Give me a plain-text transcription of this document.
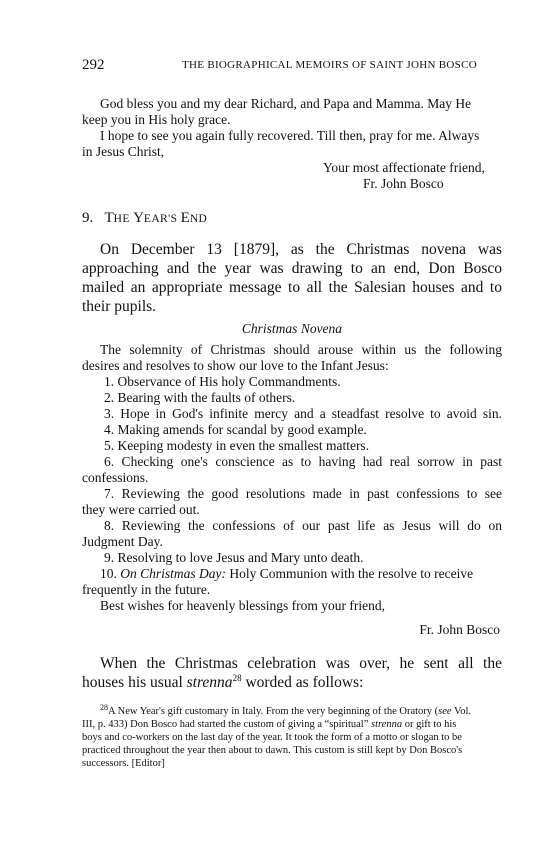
292	THE BIOGRAPHICAL MEMOIRS OF SAINT JOHN BOSCO
God bless you and my dear Richard, and Papa and Mamma. May He
keep you in His holy grace.
I hope to see you again fully recovered. Till then, pray for me. Always
in Jesus Christ,
Your most affectionate friend,
Fr. John Bosco
9. THE YEAR'S END
On December 13 [1879], as the Christmas novena was
approaching and the year was drawing to an end, Don Bosco
mailed an appropriate message to all the Salesian houses and to
their pupils.
Christmas Novena
The solemnity of Christmas should arouse within us the following
desires and resolves to show our love to the Infant Jesus:
1. Observance of His holy Commandments.
2. Bearing with the faults of others.
3. Hope in God's infinite mercy and a steadfast resolve to avoid sin.
4. Making amends for scandal by good example.
5. Keeping modesty in even the smallest matters.
6. Checking one's conscience as to having had real sorrow in past
confessions.
7. Reviewing the good resolutions made in past confessions to see
they were carried out.
8. Reviewing the confessions of our past life as Jesus will do on
Judgment Day.
9. Resolving to love Jesus and Mary unto death.
10. On Christmas Day: Holy Communion with the resolve to receive
frequently in the future.
Best wishes for heavenly blessings from your friend,
Fr. John Bosco
When the Christmas celebration was over, he sent all the
houses his usual strenna$^{28}$ worded as follows:
$^{28}$A New Year's gift customary in Italy. From the very beginning of the Oratory (see Vol.
III, p. 433) Don Bosco had started the custom of giving a “spiritual” strenna or gift to his
boys and co-workers on the last day of the year. It took the form of a motto or slogan to be
practiced throughout the year then about to dawn. This custom is still kept by Don Bosco's
successors. [Editor]
